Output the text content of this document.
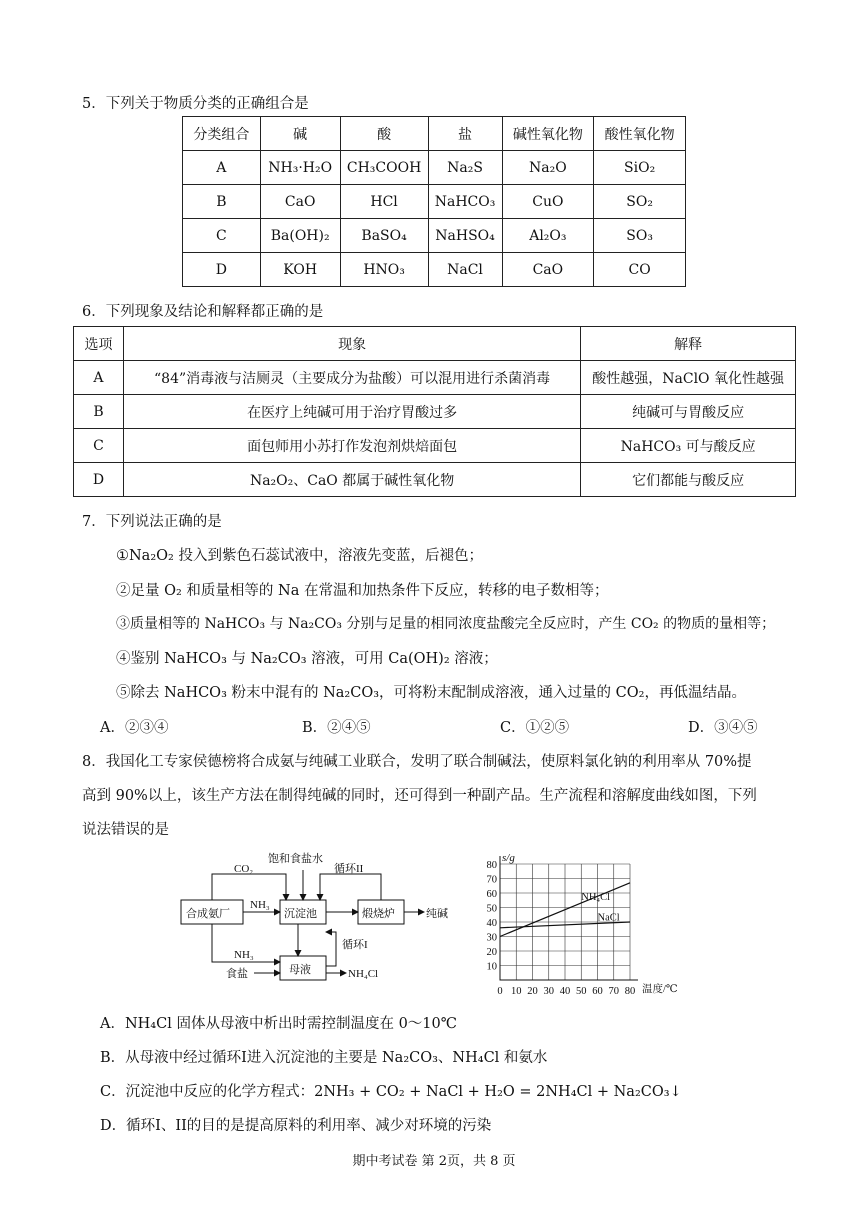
5．下列关于物质分类的正确组合是
分类组合	碱	酸	盐	碱性氧化物	酸性氧化物
A	NH₃·H₂O	CH₃COOH	Na₂S	Na₂O	SiO₂
B	CaO	HCl	NaHCO₃	CuO	SO₂
C	Ba(OH)₂	BaSO₄	NaHSO₄	Al₂O₃	SO₃
D	KOH	HNO₃	NaCl	CaO	CO
6．下列现象及结论和解释都正确的是
选项	现象	解释
A	“84”消毒液与洁厕灵（主要成分为盐酸）可以混用进行杀菌消毒	酸性越强，NaClO 氧化性越强
B	在医疗上纯碱可用于治疗胃酸过多	纯碱可与胃酸反应
C	面包师用小苏打作发泡剂烘焙面包	NaHCO₃ 可与酸反应
D	Na₂O₂、CaO 都属于碱性氧化物	它们都能与酸反应
7．下列说法正确的是
①Na₂O₂ 投入到紫色石蕊试液中，溶液先变蓝，后褪色；
②足量 O₂ 和质量相等的 Na 在常温和加热条件下反应，转移的电子数相等；
③质量相等的 NaHCO₃ 与 Na₂CO₃ 分别与足量的相同浓度盐酸完全反应时，产生 CO₂ 的物质的量相等；
④鉴别 NaHCO₃ 与 Na₂CO₃ 溶液，可用 Ca(OH)₂ 溶液；
⑤除去 NaHCO₃ 粉末中混有的 Na₂CO₃，可将粉末配制成溶液，通入过量的 CO₂，再低温结晶。
A．②③④	B．②④⑤	C．①②⑤	D．③④⑤
8．我国化工专家侯德榜将合成氨与纯碱工业联合，发明了联合制碱法，使原料氯化钠的利用率从 70%提
高到 90%以上，该生产方法在制得纯碱的同时，还可得到一种副产品。生产流程和溶解度曲线如图，下列
说法错误的是
CO₂
饱和食盐水
循环II
合成氨厂
NH₃
沉淀池	煅烧炉	纯碱
循环I
NH₃
食盐	母液	NH₄Cl
10
20
30
40
50
60
70
80
0 10 20 30 40 50 60 70 80
NH₄Cl
NaCl
s/g
温度/℃
A．NH₄Cl 固体从母液中析出时需控制温度在 0～10℃
B．从母液中经过循环I进入沉淀池的主要是 Na₂CO₃、NH₄Cl 和氨水
C．沉淀池中反应的化学方程式：2NH₃ + CO₂ + NaCl + H₂O = 2NH₄Cl + Na₂CO₃↓
D．循环I、II的目的是提高原料的利用率、减少对环境的污染
期中考试卷 第 2页，共 8 页
